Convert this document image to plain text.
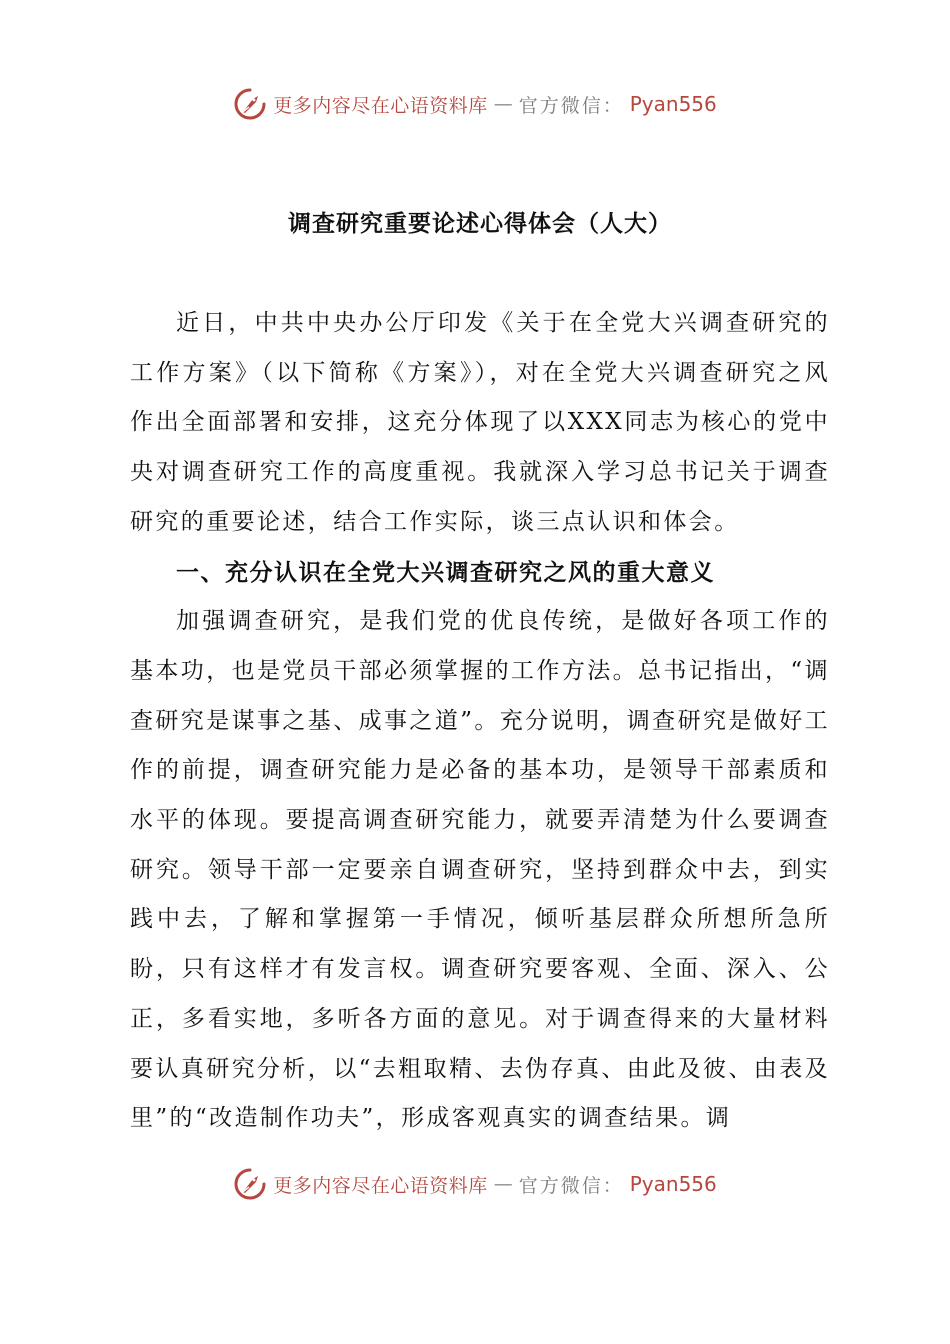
更多内容尽在心语资料库 — 官方微信： Pyan556
调查研究重要论述心得体会（人大）

近日，中共中央办公厅印发《关于在全党大兴调查研究的工作方案》（以下简称《方案》），对在全党大兴调查研究之风作出全面部署和安排，这充分体现了以XXX同志为核心的党中央对调查研究工作的高度重视。我就深入学习总书记关于调查研究的重要论述，结合工作实际，谈三点认识和体会。

一、充分认识在全党大兴调查研究之风的重大意义

加强调查研究，是我们党的优良传统，是做好各项工作的基本功，也是党员干部必须掌握的工作方法。总书记指出，“调查研究是谋事之基、成事之道”。充分说明，调查研究是做好工作的前提，调查研究能力是必备的基本功，是领导干部素质和水平的体现。要提高调查研究能力，就要弄清楚为什么要调查研究。领导干部一定要亲自调查研究，坚持到群众中去，到实践中去，了解和掌握第一手情况，倾听基层群众所想所急所盼，只有这样才有发言权。调查研究要客观、全面、深入、公正，多看实地，多听各方面的意见。对于调查得来的大量材料要认真研究分析，以“去粗取精、去伪存真、由此及彼、由表及里”的“改造制作功夫”，形成客观真实的调查结果。调

更多内容尽在心语资料库 — 官方微信： Pyan556
